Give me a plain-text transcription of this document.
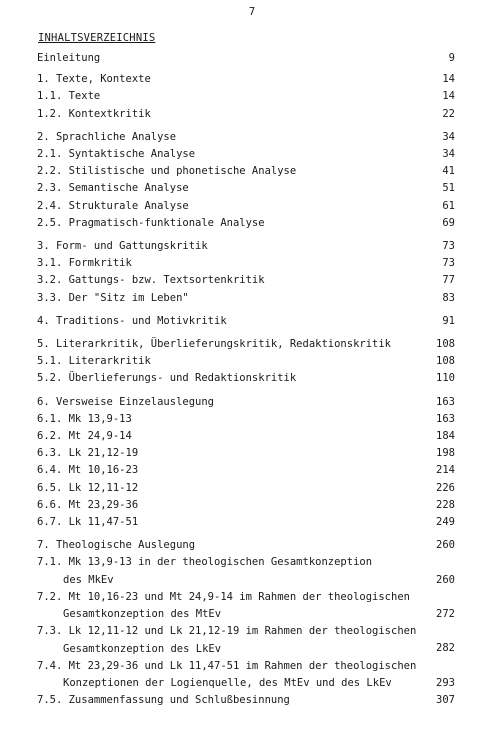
7
INHALTSVERZEICHNIS
Einleitung	9
1. Texte, Kontexte	14
1.1. Texte	14
1.2. Kontextkritik	22
2. Sprachliche Analyse	34
2.1. Syntaktische Analyse	34
2.2. Stilistische und phonetische Analyse	41
2.3. Semantische Analyse	51
2.4. Strukturale Analyse	61
2.5. Pragmatisch-funktionale Analyse	69
3. Form- und Gattungskritik	73
3.1. Formkritik	73
3.2. Gattungs- bzw. Textsortenkritik	77
3.3. Der "Sitz im Leben"	83
4. Traditions- und Motivkritik	91
5. Literarkritik, Überlieferungskritik, Redaktionskritik	108
5.1. Literarkritik	108
5.2. Überlieferungs- und Redaktionskritik	110
6. Versweise Einzelauslegung	163
6.1. Mk 13,9-13	163
6.2. Mt 24,9-14	184
6.3. Lk 21,12-19	198
6.4. Mt 10,16-23	214
6.5. Lk 12,11-12	226
6.6. Mt 23,29-36	228
6.7. Lk 11,47-51	249
7. Theologische Auslegung	260
7.1. Mk 13,9-13 in der theologischen Gesamtkonzeption
des MkEv	260
7.2. Mt 10,16-23 und Mt 24,9-14 im Rahmen der theologischen
Gesamtkonzeption des MtEv	272
7.3. Lk 12,11-12 und Lk 21,12-19 im Rahmen der theologischen
Gesamtkonzeption des LkEv	282
7.4. Mt 23,29-36 und Lk 11,47-51 im Rahmen der theologischen
Konzeptionen der Logienquelle, des MtEv und des LkEv	293
7.5. Zusammenfassung und Schlußbesinnung	307
